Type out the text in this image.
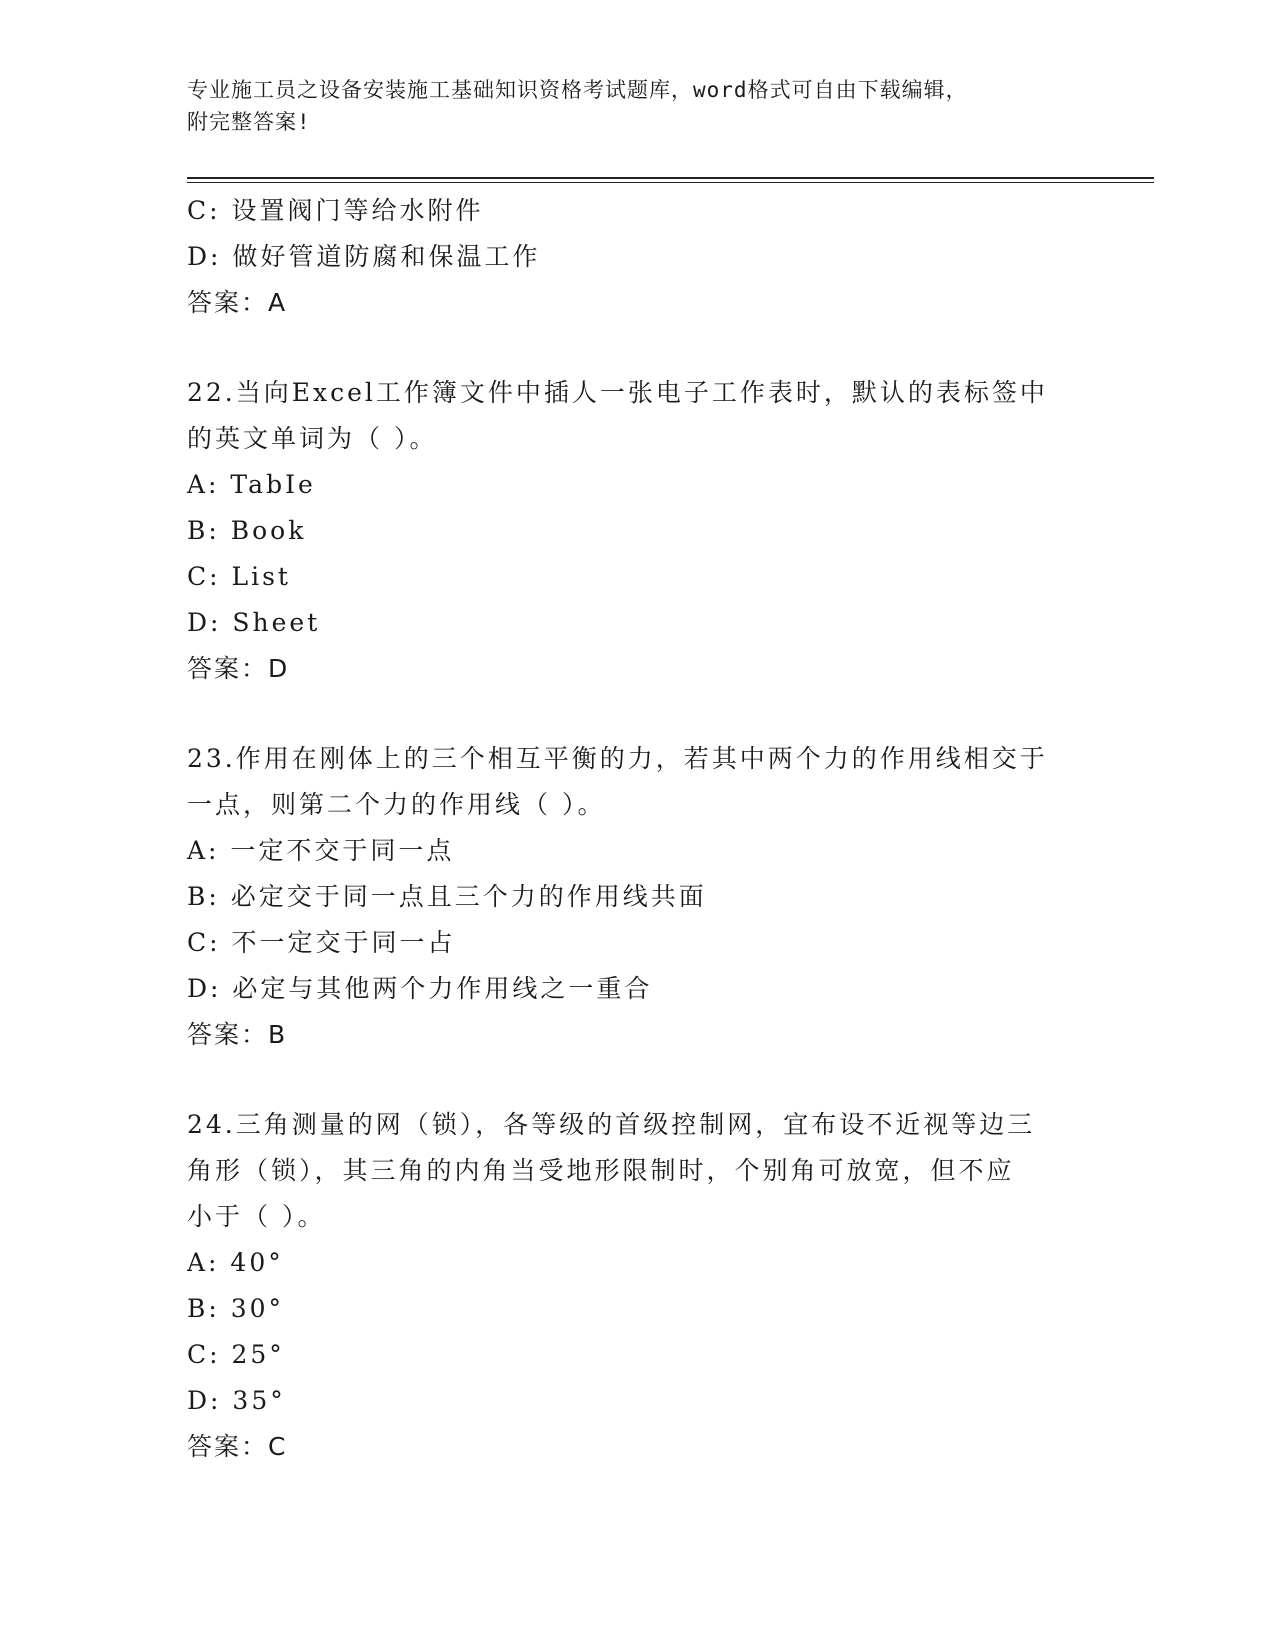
专业施工员之设备安装施工基础知识资格考试题库，word格式可自由下载编辑，
附完整答案!
C: 设置阀门等给水附件
D: 做好管道防腐和保温工作
答案：A
22.当向Excel工作簿文件中插人一张电子工作表时，默认的表标签中
的英文单词为（ ）。
A: TabIe
B: Book
C: List
D: Sheet
答案：D
23.作用在刚体上的三个相互平衡的力，若其中两个力的作用线相交于
一点，则第二个力的作用线（ ）。
A: 一定不交于同一点
B: 必定交于同一点且三个力的作用线共面
C: 不一定交于同一占
D: 必定与其他两个力作用线之一重合
答案：B
24.三角测量的网（锁），各等级的首级控制网，宜布设不近视等边三
角形（锁），其三角的内角当受地形限制时，个别角可放宽，但不应
小于（ ）。
A: 40°
B: 30°
C: 25°
D: 35°
答案：C
